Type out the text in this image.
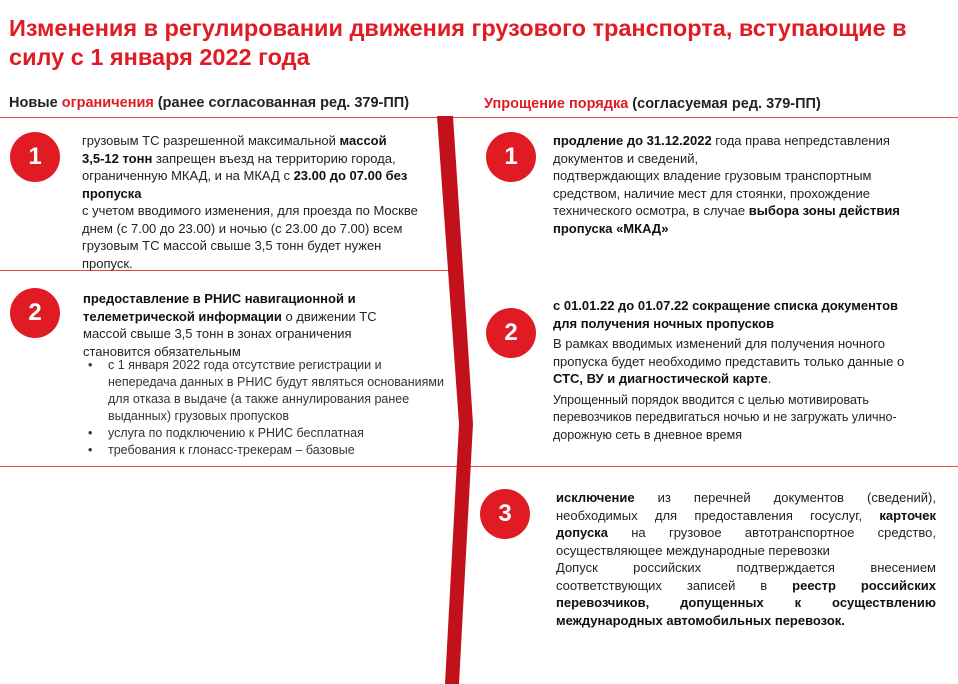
Изменения в регулировании движения грузового транспорта, вступающие в силу с 1 января 2022 года
Новые ограничения (ранее согласованная ред. 379-ПП)	Упрощение порядка (согласуемая ред. 379-ПП)
1

грузовым ТС разрешенной максимальной массой

3,5-12 тонн запрещен въезд на территорию города,

ограниченную МКАД, и на МКАД с 23.00 до 07.00 без

пропуска

с учетом вводимого изменения, для проезда по Москве

днем (с 7.00 до 23.00) и ночью (с 23.00 до 7.00) всем

грузовым ТС массой свыше 3,5 тонн будет нужен

пропуск.

2

предоставление в РНИС навигационной и

телеметрической информации о движении ТС

массой свыше 3,5 тонн в зонах ограничения

становится обязательным

• с 1 января 2022 года отсутствие регистрации и непередача данных в РНИС будут являться основаниями для отказа в выдаче (а также аннулирования ранее выданных) грузовых пропусков
• услуга по подключению к РНИС бесплатная
• требования к глонасс-трекерам – базовые
1

продление до 31.12.2022 года права непредставления

документов и сведений,

подтверждающих владение грузовым транспортным

средством, наличие мест для стоянки, прохождение

технического осмотра, в случае выбора зоны действия

пропуска «МКАД»

2

с 01.01.22 до 01.07.22 сокращение списка документов

для получения ночных пропусков

В рамках вводимых изменений для получения ночного

пропуска будет необходимо представить только данные о

СТС, ВУ и диагностической карте.

Упрощенный порядок вводится с целью мотивировать

перевозчиков передвигаться ночью и не загружать улично-

дорожную сеть в дневное время

3

исключение из перечней документов (сведений), необходимых для предоставления госуслуг, карточек допуска на грузовое автотранспортное средство, осуществляющее международные перевозки

Допуск российских подтверждается внесением соответствующих записей в реестр российских перевозчиков, допущенных к осуществлению международных автомобильных перевозок.
